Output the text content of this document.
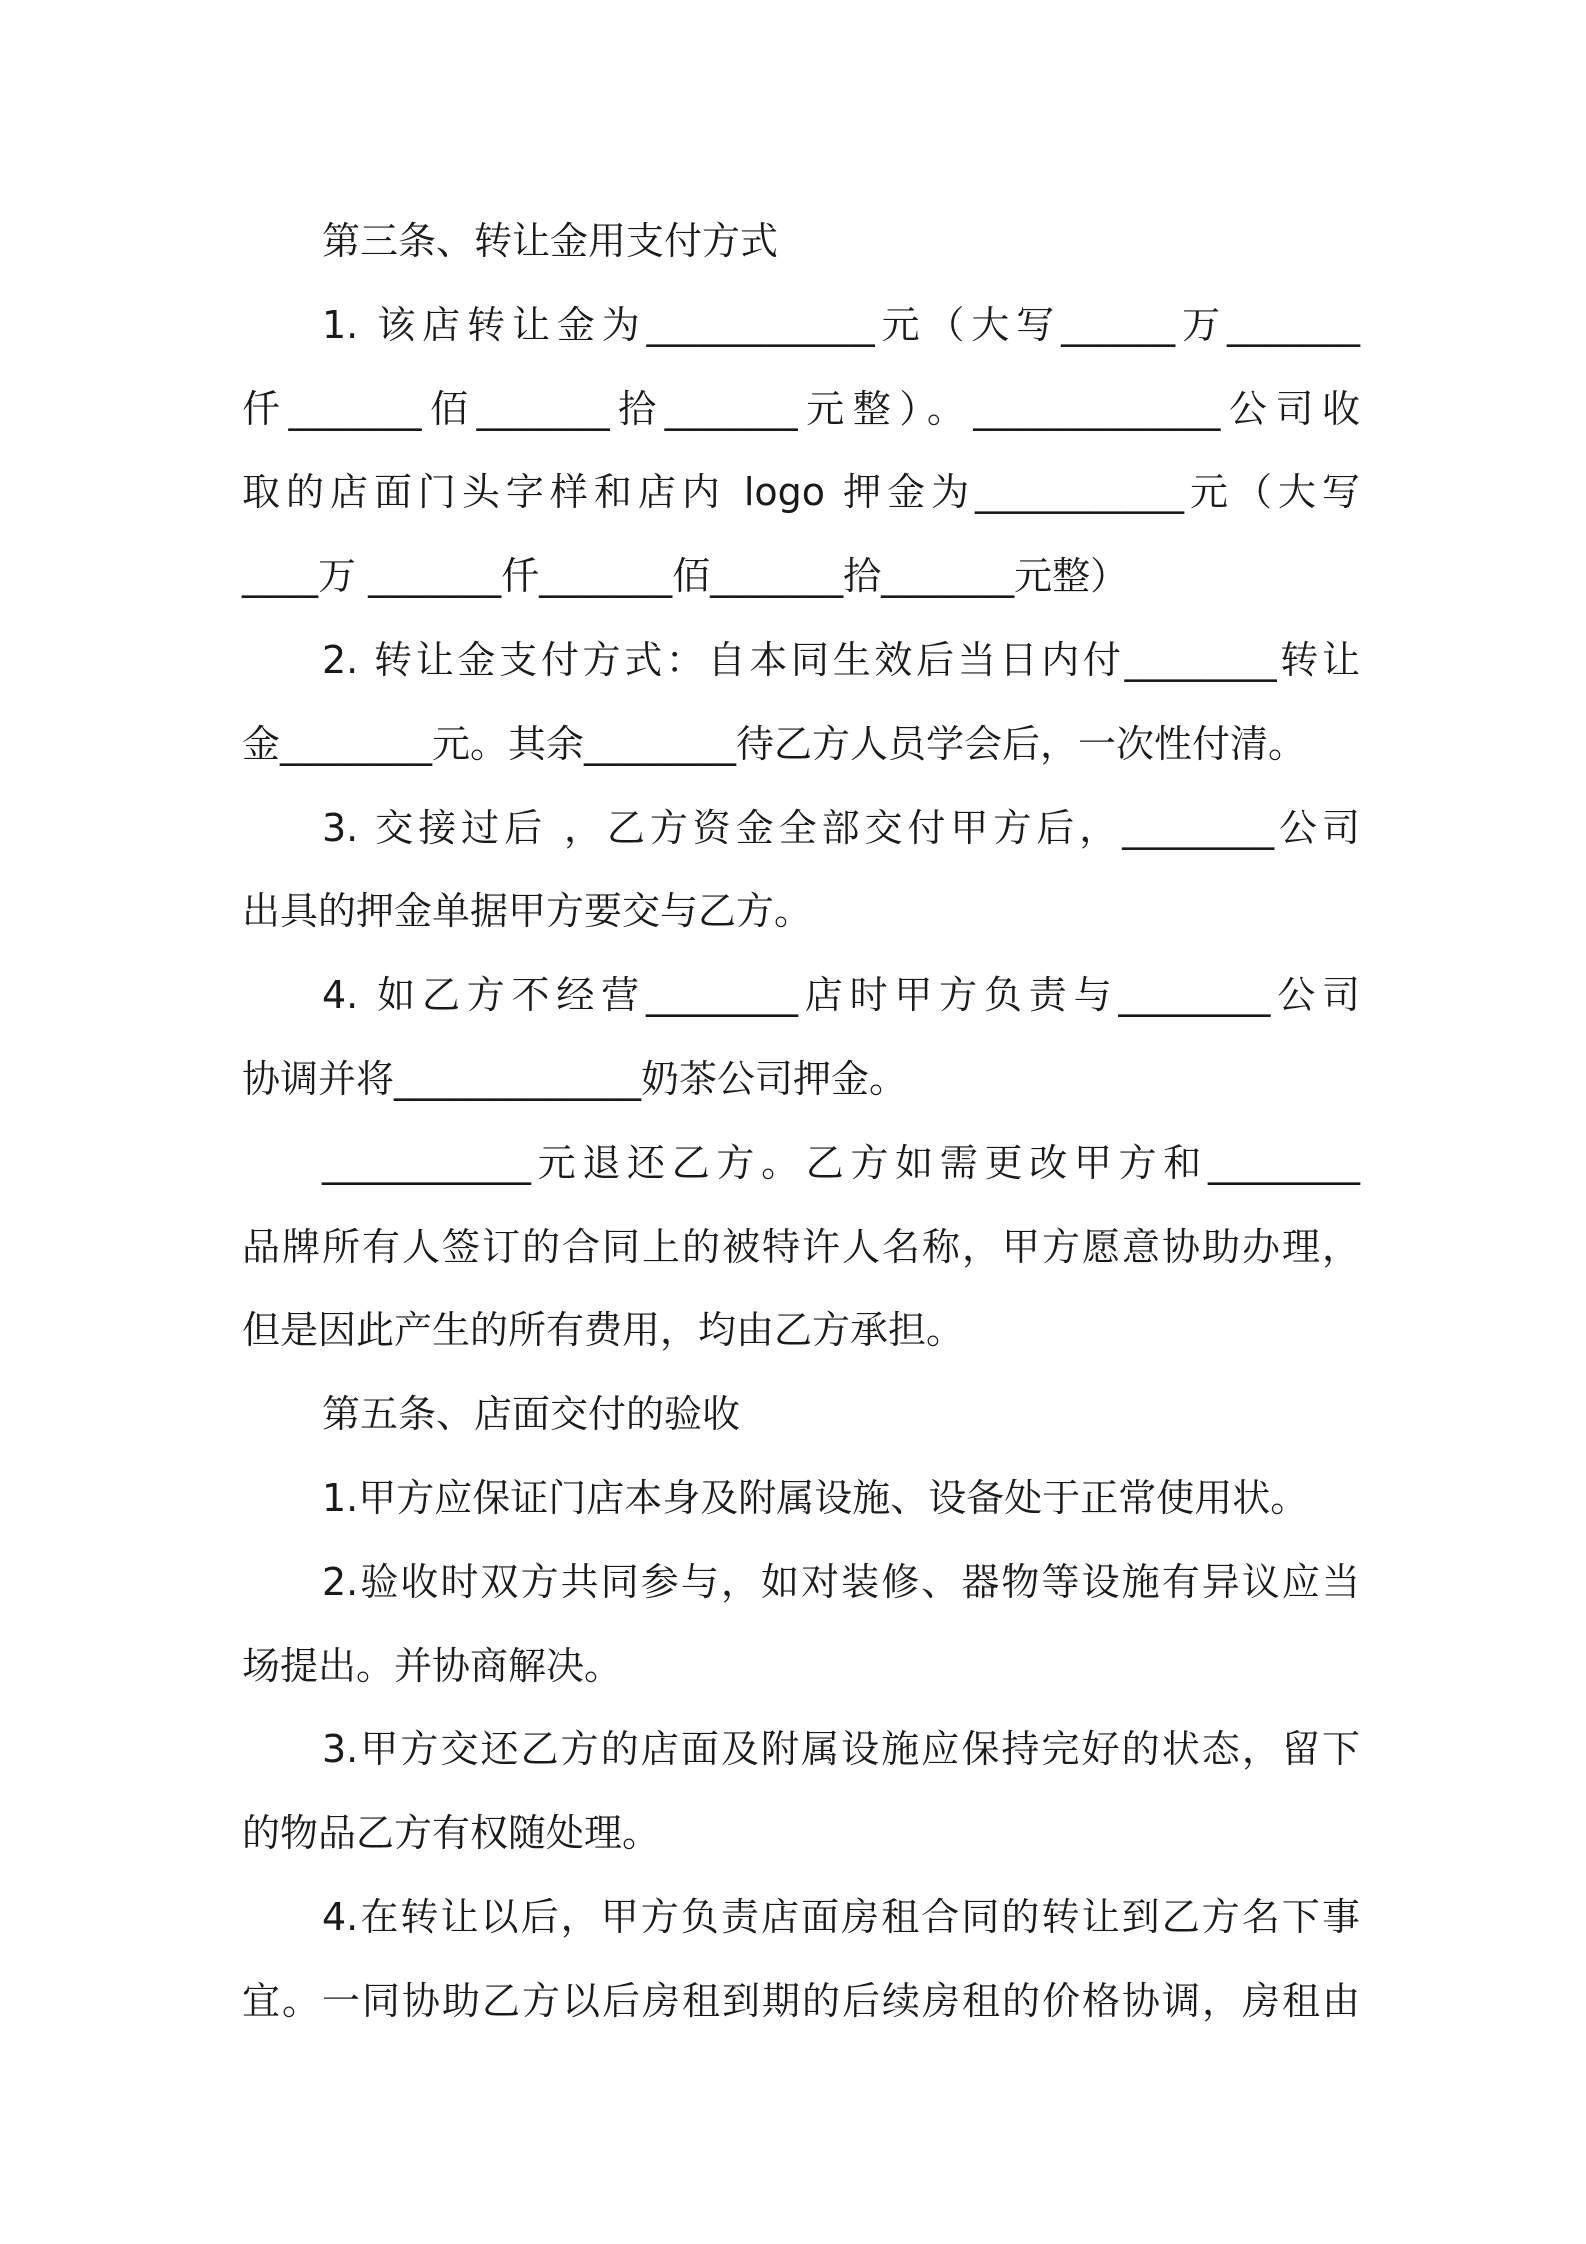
第三条、转让金用支付方式
1. 该店转让金为____________元（大写______万_______
仟_______佰_______拾_______元整）。_____________公司收
取的店面门头字样和店内 logo 押金为___________元（大写
____万 _______仟_______佰_______拾_______元整）
2. 转让金支付方式：自本同生效后当日内付________转让
金________元。其余________待乙方人员学会后，一次性付清。
3. 交接过后 ，乙方资金全部交付甲方后，________公司
出具的押金单据甲方要交与乙方。
4. 如乙方不经营________店时甲方负责与________公司
协调并将_____________奶茶公司押金。
___________元退还乙方。乙方如需更改甲方和________
品牌所有人签订的合同上的被特许人名称，甲方愿意协助办理，
但是因此产生的所有费用，均由乙方承担。
第五条、店面交付的验收
1.甲方应保证门店本身及附属设施、设备处于正常使用状。
2.验收时双方共同参与，如对装修、器物等设施有异议应当
场提出。并协商解决。
3.甲方交还乙方的店面及附属设施应保持完好的状态，留下
的物品乙方有权随处理。
4.在转让以后，甲方负责店面房租合同的转让到乙方名下事
宜。一同协助乙方以后房租到期的后续房租的价格协调，房租由
